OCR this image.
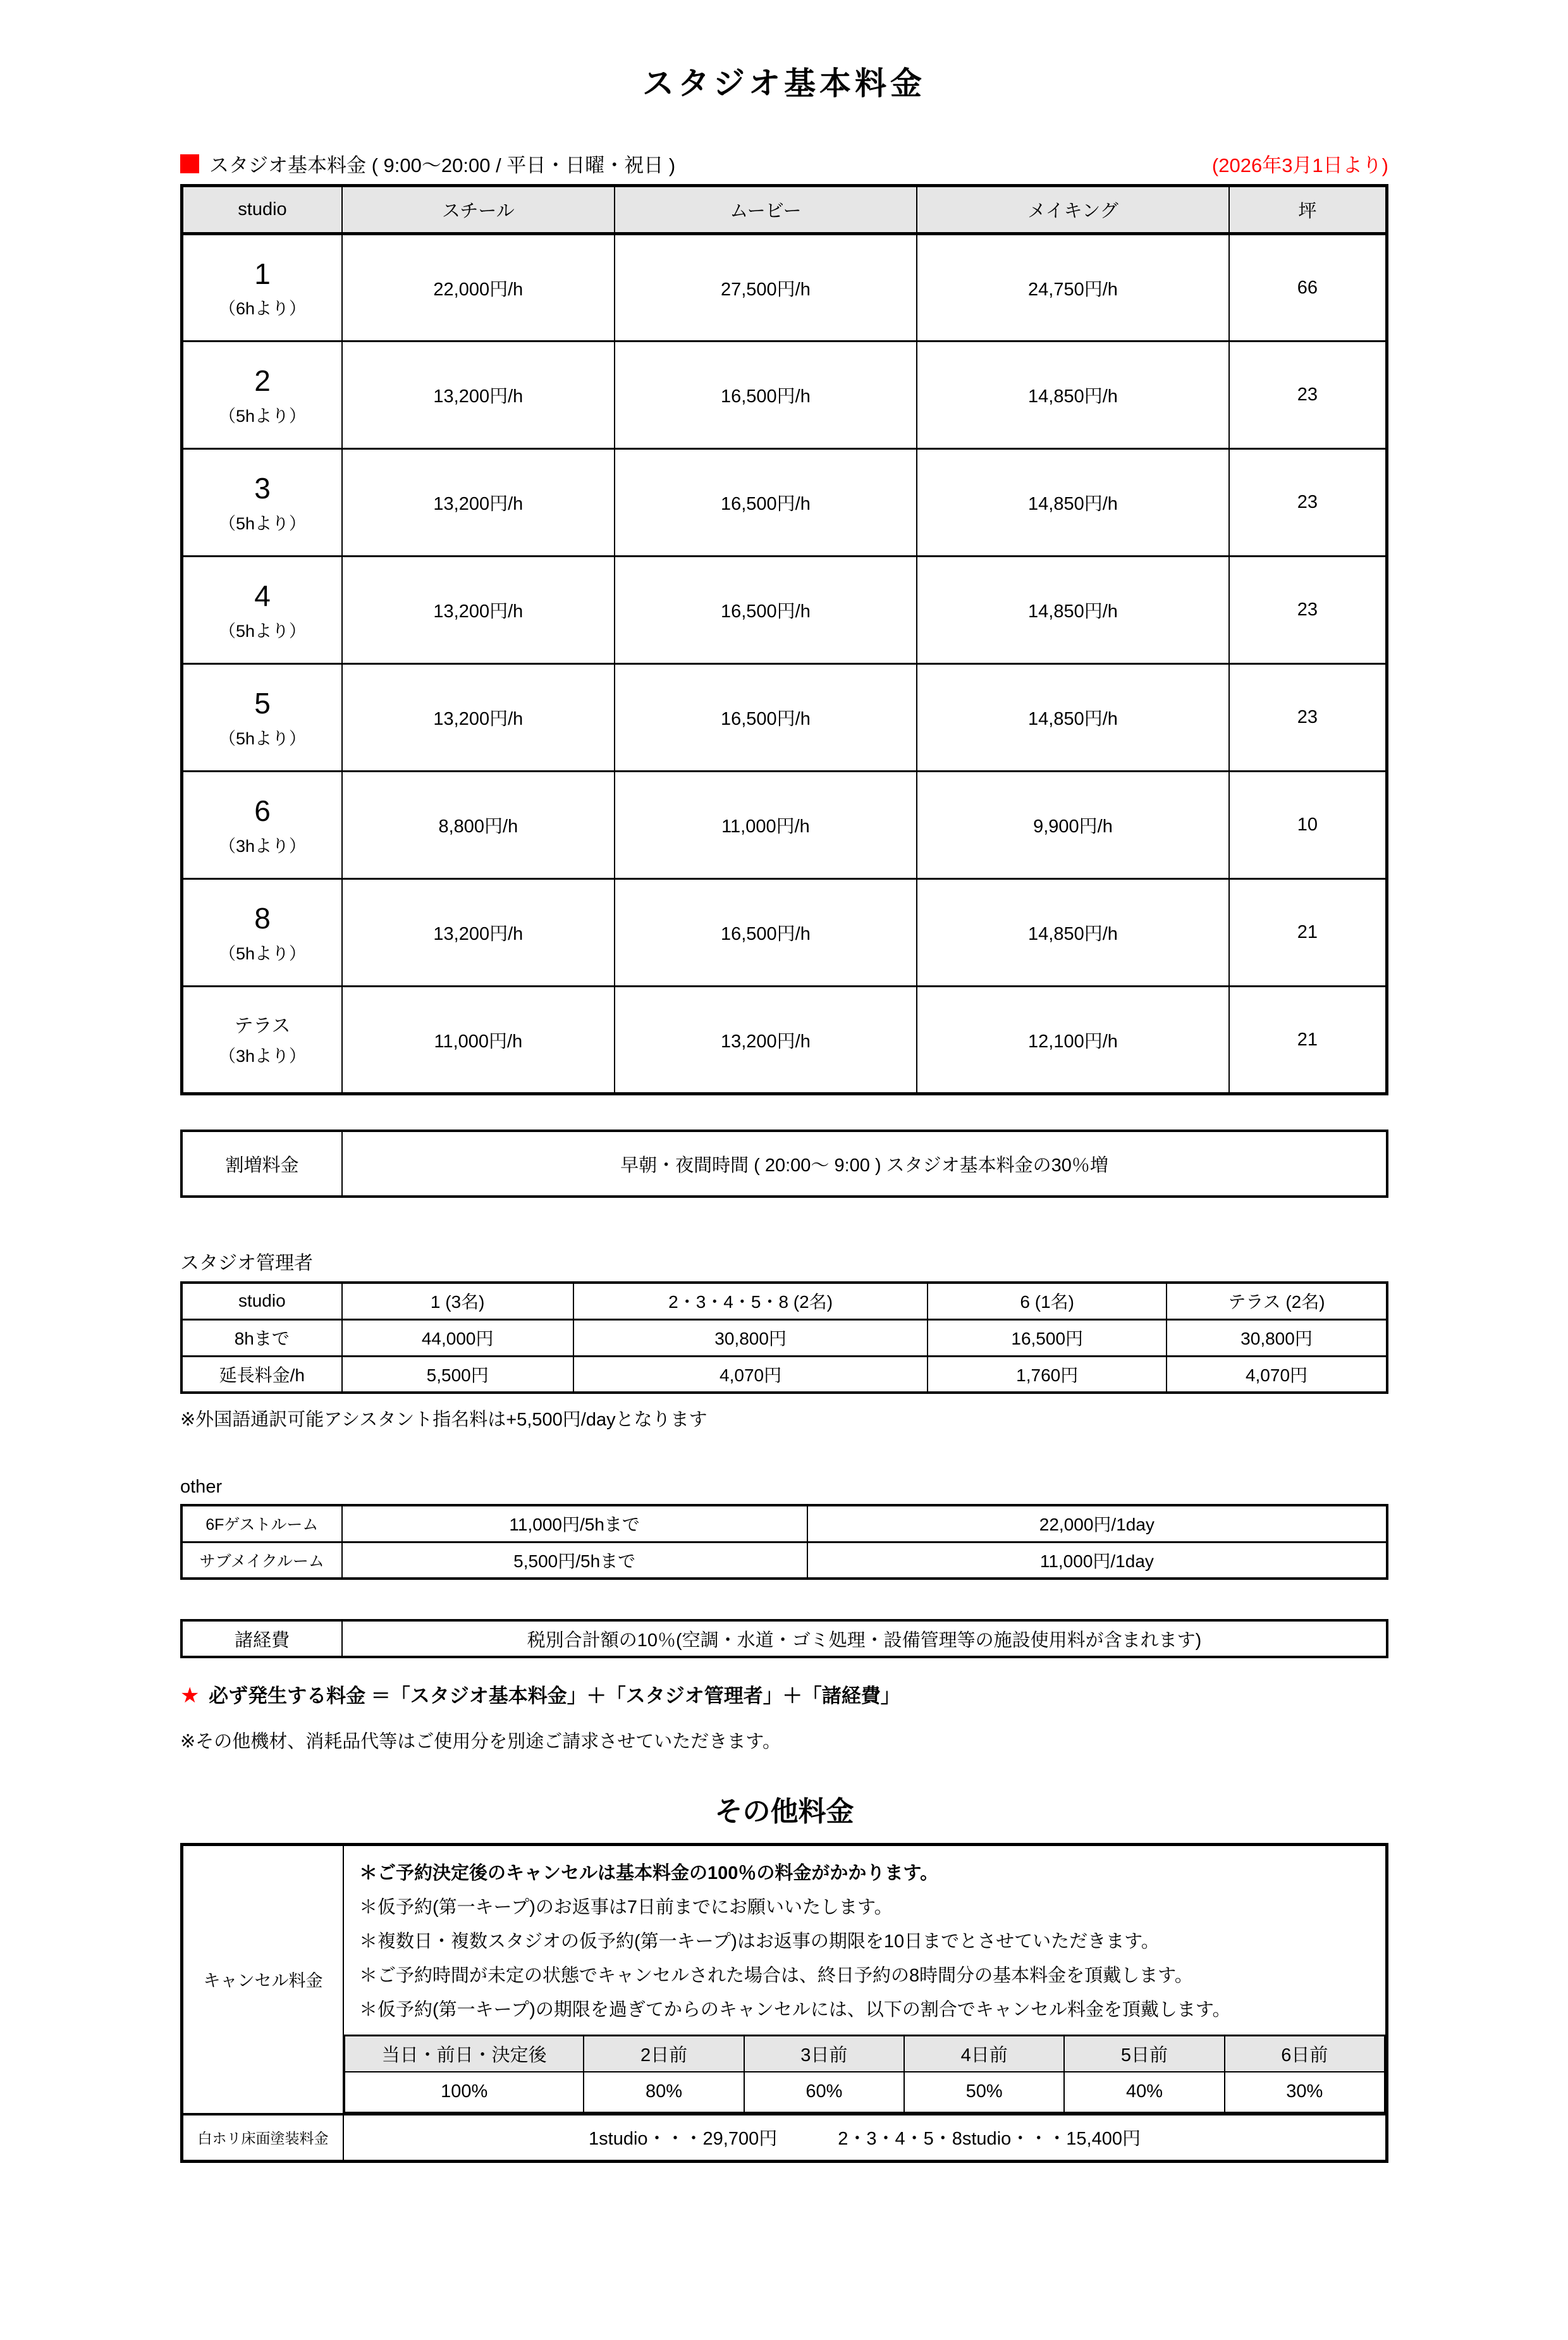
スタジオ基本料金
スタジオ基本料金 ( 9:00～20:00 / 平日・日曜・祝日 )	(2026年3月1日より)
studio	スチール	ムービー	メイキング	坪

1
（6hより）	22,000円/h	27,500円/h	24,750円/h	66

2
（5hより）	13,200円/h	16,500円/h	14,850円/h	23

3
（5hより）	13,200円/h	16,500円/h	14,850円/h	23

4
（5hより）	13,200円/h	16,500円/h	14,850円/h	23

5
（5hより）	13,200円/h	16,500円/h	14,850円/h	23

6
（3hより）	8,800円/h	11,000円/h	9,900円/h	10

8
（5hより）	13,200円/h	16,500円/h	14,850円/h	21

テラス
（3hより）	11,000円/h	13,200円/h	12,100円/h	21
割増料金	早朝・夜間時間 ( 20:00～ 9:00 ) スタジオ基本料金の30％増
スタジオ管理者
studio	1 (3名)	2・3・4・5・8 (2名)	6 (1名)	テラス (2名)
8hまで	44,000円	30,800円	16,500円	30,800円
延長料金/h	5,500円	4,070円	1,760円	4,070円
※外国語通訳可能アシスタント指名料は+5,500円/dayとなります
other
6Fゲストルーム	11,000円/5hまで	22,000円/1day
サブメイクルーム	5,500円/5hまで	11,000円/1day
諸経費	税別合計額の10％(空調・水道・ゴミ処理・設備管理等の施設使用料が含まれます)
★ 必ず発生する料金 ＝「スタジオ基本料金」＋「スタジオ管理者」＋「諸経費」
※その他機材、消耗品代等はご使用分を別途ご請求させていただきます。
その他料金
キャンセル料金
＊ご予約決定後のキャンセルは基本料金の100％の料金がかかります。
＊仮予約(第一キープ)のお返事は7日前までにお願いいたします。
＊複数日・複数スタジオの仮予約(第一キープ)はお返事の期限を10日までとさせていただきます。
＊ご予約時間が未定の状態でキャンセルされた場合は、終日予約の8時間分の基本料金を頂戴します。
＊仮予約(第一キープ)の期限を過ぎてからのキャンセルには、以下の割合でキャンセル料金を頂戴します。
当日・前日・決定後	2日前	3日前	4日前	5日前	6日前
100%	80%	60%	50%	40%	30%
白ホリ床面塗装料金	1studio・・・29,700円	2・3・4・5・8studio・・・15,400円
